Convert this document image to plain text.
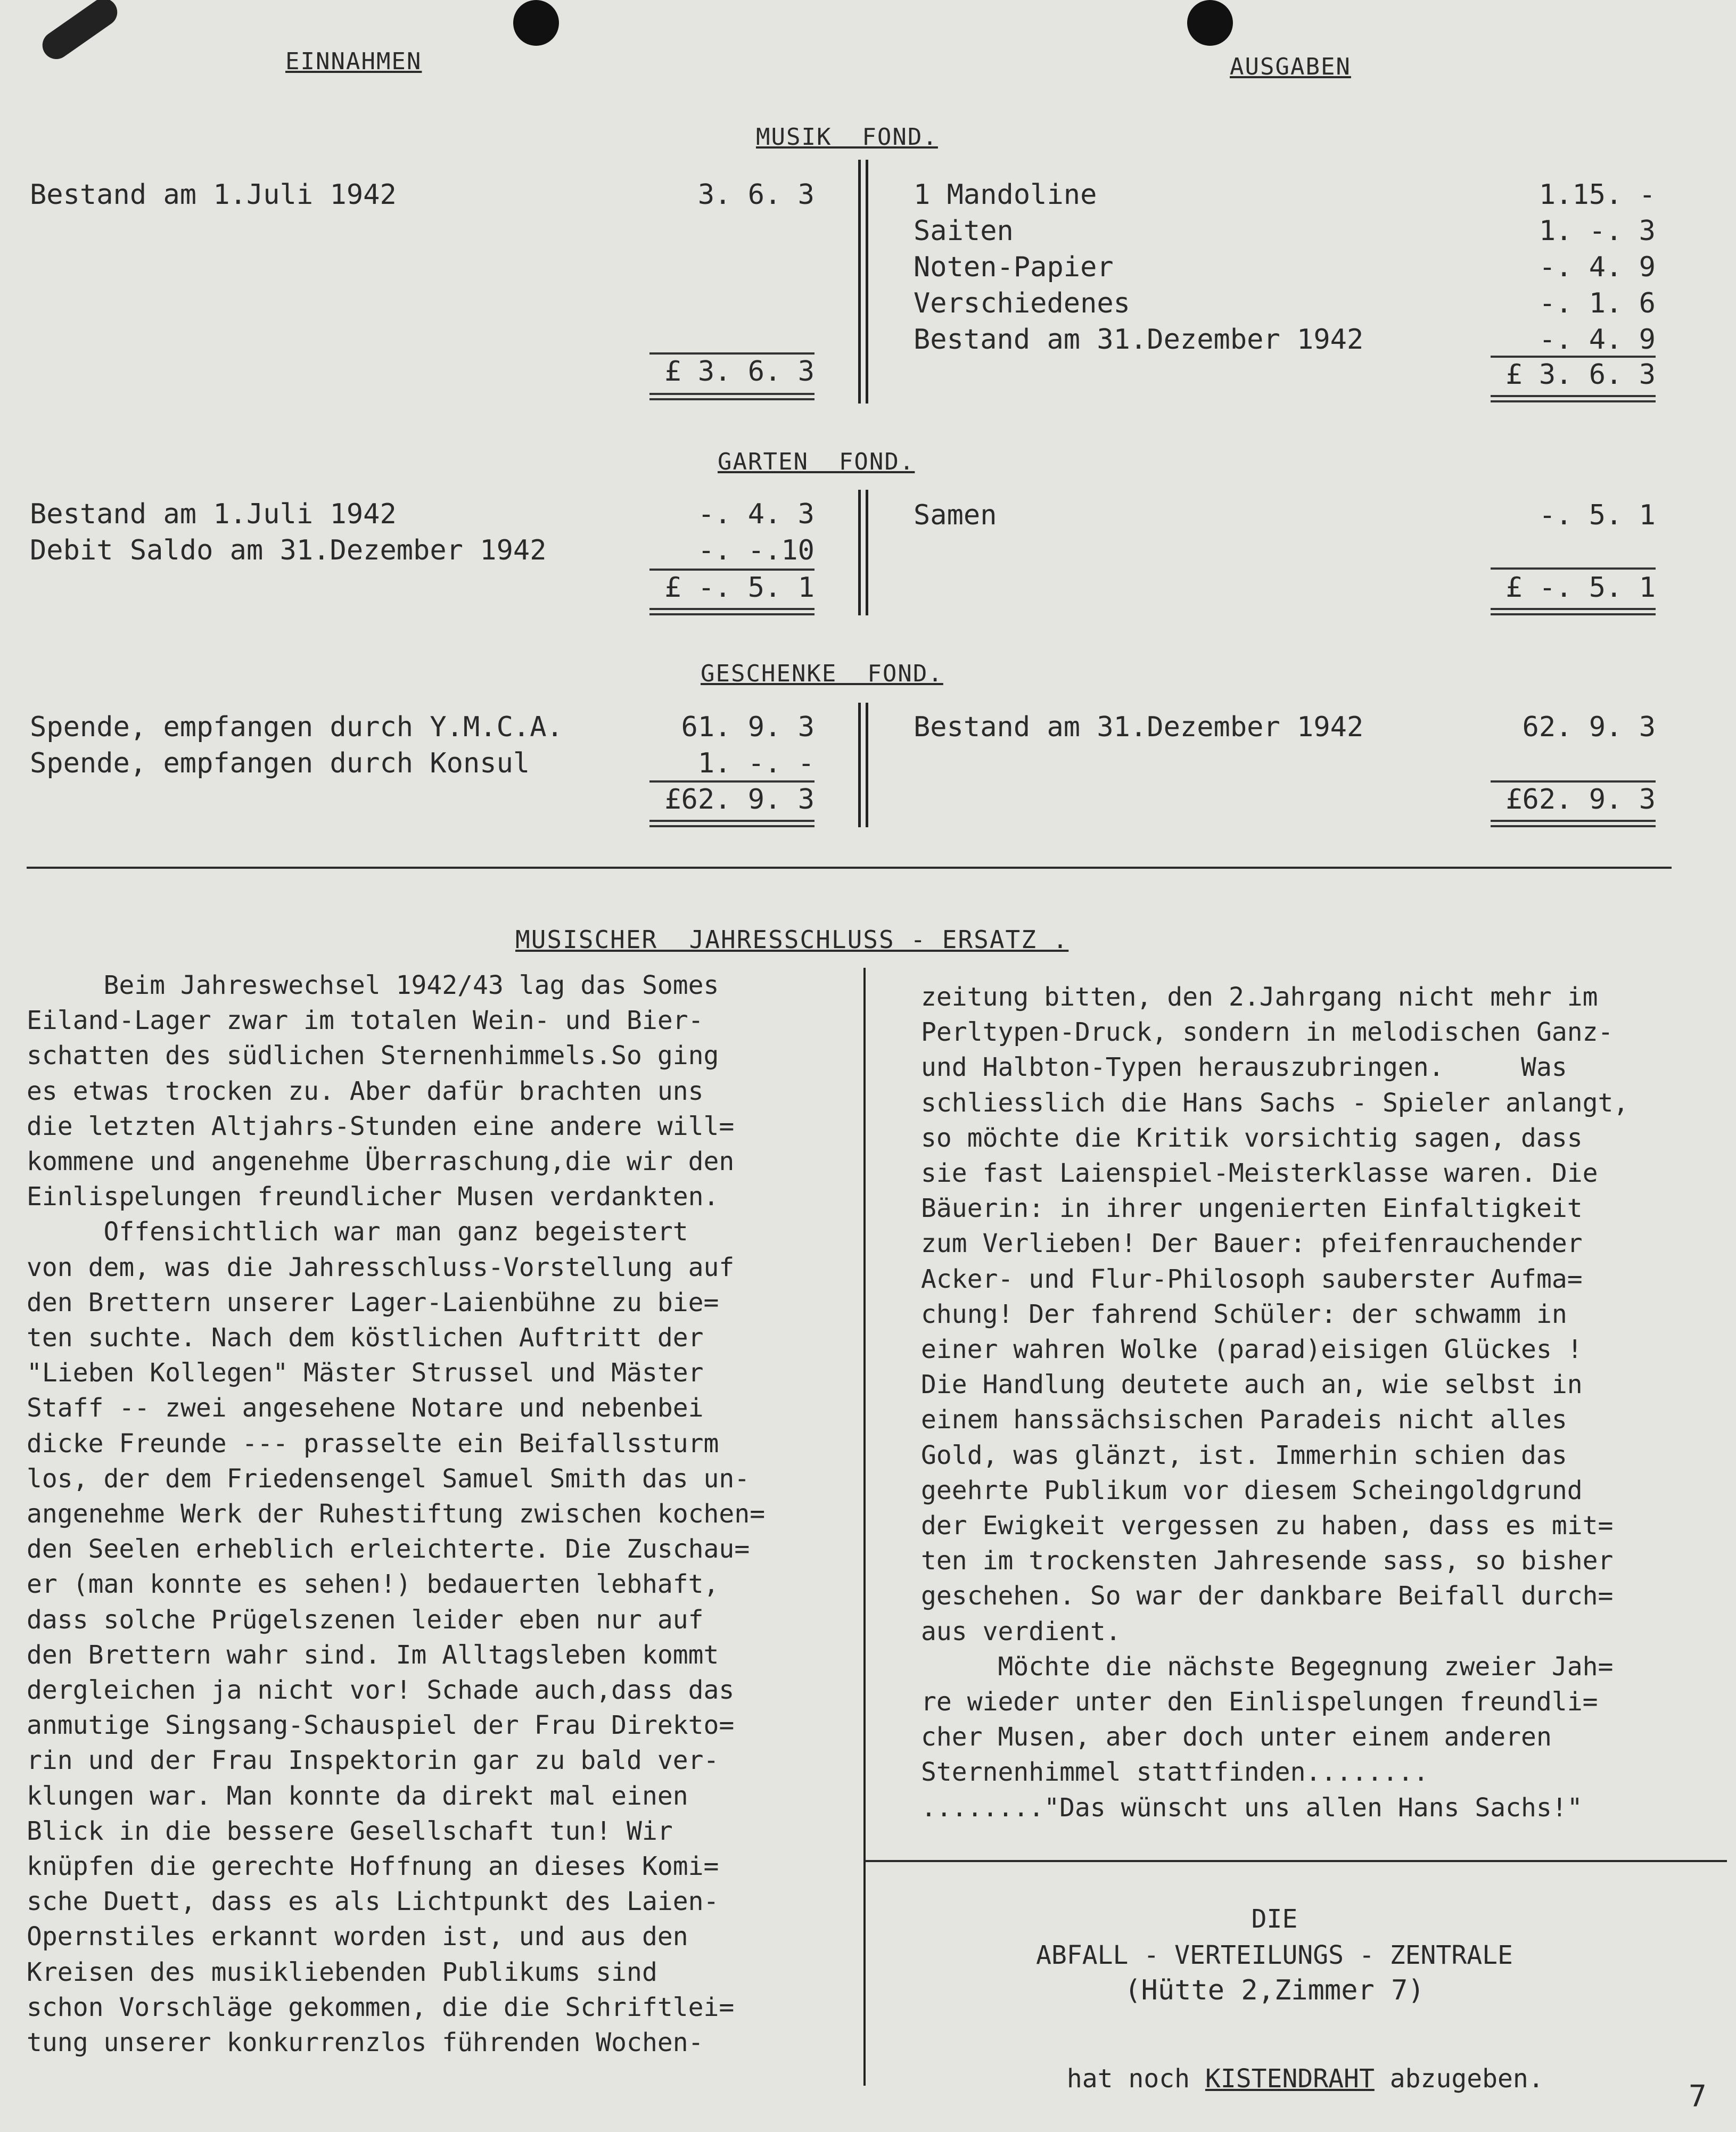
EINNAHMEN	AUSGABEN
MUSIK  FOND.
Bestand am 1.Juli 1942	3. 6. 3
£ 3. 6. 3
1 Mandoline	1.15. -
Saiten	1. -. 3
Noten-Papier	-. 4. 9
Verschiedenes	-. 1. 6
Bestand am 31.Dezember 1942	-. 4. 9
£ 3. 6. 3
GARTEN  FOND.
Bestand am 1.Juli 1942	-. 4. 3
Debit Saldo am 31.Dezember 1942	-. -.10
£ -. 5. 1
Samen	-. 5. 1
£ -. 5. 1
GESCHENKE  FOND.
Spende, empfangen durch Y.M.C.A.	61. 9. 3
Spende, empfangen durch Konsul	1. -. -
£62. 9. 3
Bestand am 31.Dezember 1942	62. 9. 3
£62. 9. 3
MUSISCHER  JAHRESSCHLUSS - ERSATZ .
Beim Jahreswechsel 1942/43 lag das Somes
Eiland-Lager zwar im totalen Wein- und Bier-
schatten des südlichen Sternenhimmels.So ging
es etwas trocken zu. Aber dafür brachten uns
die letzten Altjahrs-Stunden eine andere will=
kommene und angenehme Überraschung,die wir den
Einlispelungen freundlicher Musen verdankten.
Offensichtlich war man ganz begeistert
von dem, was die Jahresschluss-Vorstellung auf
den Brettern unserer Lager-Laienbühne zu bie=
ten suchte. Nach dem köstlichen Auftritt der
"Lieben Kollegen" Mäster Strussel und Mäster
Staff -- zwei angesehene Notare und nebenbei
dicke Freunde --- prasselte ein Beifallssturm
los, der dem Friedensengel Samuel Smith das un-
angenehme Werk der Ruhestiftung zwischen kochen=
den Seelen erheblich erleichterte. Die Zuschau=
er (man konnte es sehen!) bedauerten lebhaft,
dass solche Prügelszenen leider eben nur auf
den Brettern wahr sind. Im Alltagsleben kommt
dergleichen ja nicht vor! Schade auch,dass das
anmutige Singsang-Schauspiel der Frau Direkto=
rin und der Frau Inspektorin gar zu bald ver-
klungen war. Man konnte da direkt mal einen
Blick in die bessere Gesellschaft tun! Wir
knüpfen die gerechte Hoffnung an dieses Komi=
sche Duett, dass es als Lichtpunkt des Laien-
Opernstiles erkannt worden ist, und aus den
Kreisen des musikliebenden Publikums sind
schon Vorschläge gekommen, die die Schriftlei=
tung unserer konkurrenzlos führenden Wochen-
zeitung bitten, den 2.Jahrgang nicht mehr im
Perltypen-Druck, sondern in melodischen Ganz-
und Halbton-Typen herauszubringen.     Was
schliesslich die Hans Sachs - Spieler anlangt,
so möchte die Kritik vorsichtig sagen, dass
sie fast Laienspiel-Meisterklasse waren. Die
Bäuerin: in ihrer ungenierten Einfaltigkeit
zum Verlieben! Der Bauer: pfeifenrauchender
Acker- und Flur-Philosoph sauberster Aufma=
chung! Der fahrend Schüler: der schwamm in
einer wahren Wolke (parad)eisigen Glückes !
Die Handlung deutete auch an, wie selbst in
einem hanssächsischen Paradeis nicht alles
Gold, was glänzt, ist. Immerhin schien das
geehrte Publikum vor diesem Scheingoldgrund
der Ewigkeit vergessen zu haben, dass es mit=
ten im trockensten Jahresende sass, so bisher
geschehen. So war der dankbare Beifall durch=
aus verdient.
Möchte die nächste Begegnung zweier Jah=
re wieder unter den Einlispelungen freundli=
cher Musen, aber doch unter einem anderen
Sternenhimmel stattfinden........
........"Das wünscht uns allen Hans Sachs!"
DIE
ABFALL - VERTEILUNGS - ZENTRALE
(Hütte 2,Zimmer 7)

hat noch KISTENDRAHT abzugeben.

7
